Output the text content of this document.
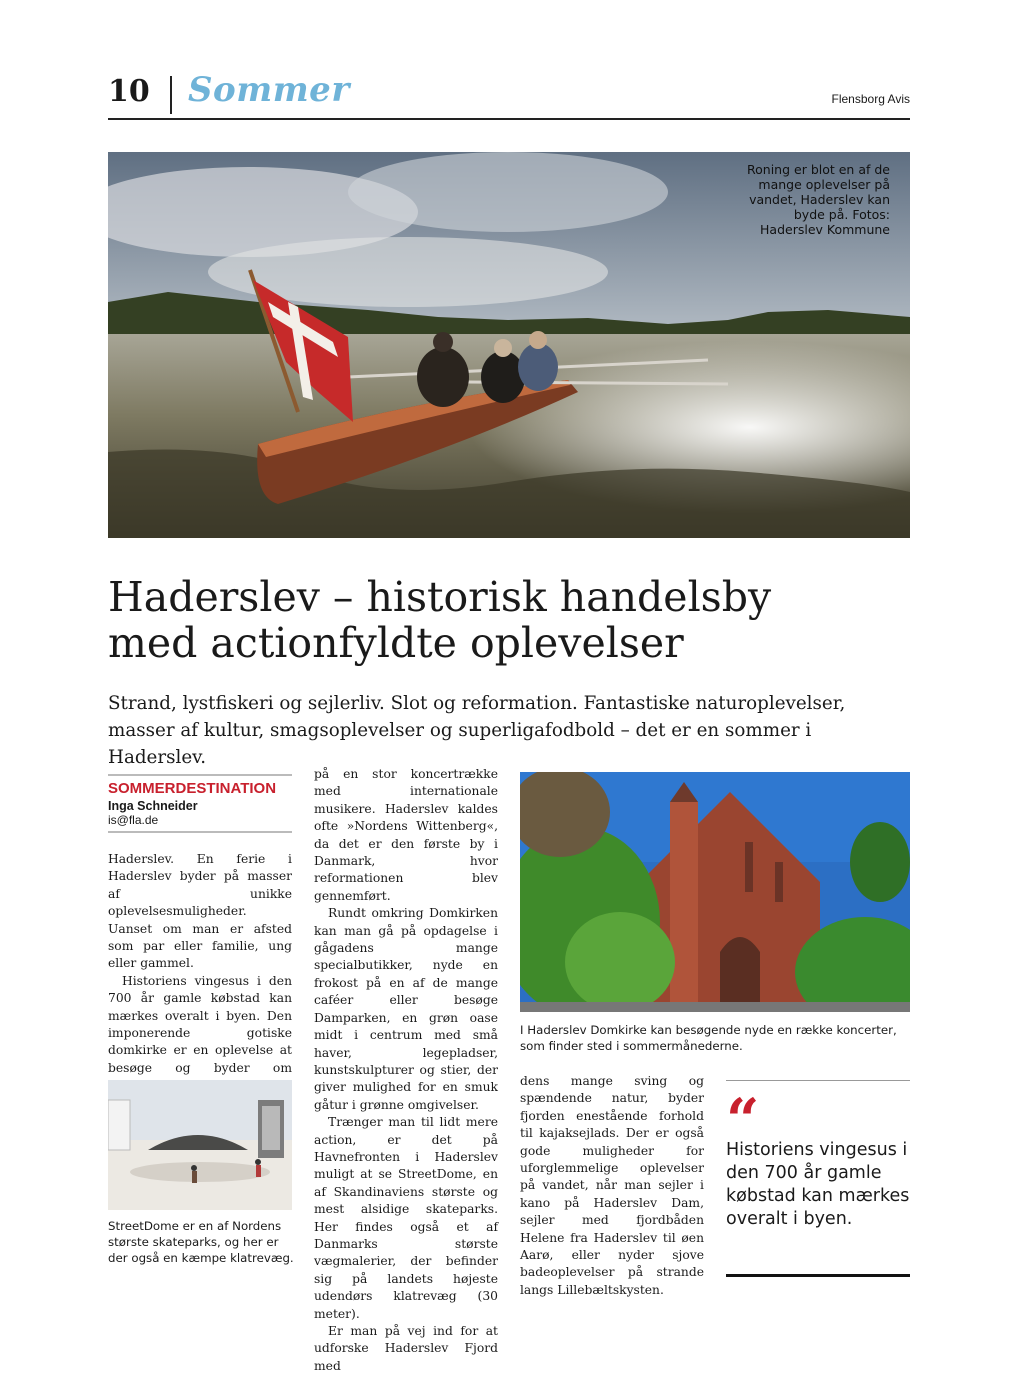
10 Sommer	Flensborg Avis
Roning er blot en af de mange oplevelser på vandet, Haderslev kan byde på. Fotos: Haderslev Kommune
Haderslev – historisk handelsby
med actionfyldte oplevelser

Strand, lystfiskeri og sejlerliv. Slot og reformation. Fantastiske naturoplevelser, masser af kultur, smagsoplevelser og superligafodbold – det er en sommer i Haderslev.

SOMMERDESTINATION
Inga Schneider
is@fla.de

Haderslev. En ferie i Haderslev byder på masser af unikke oplevelsesmuligheder. Uanset om man er afsted som par eller familie, ung eller gammel.

Historiens vingesus i den 700 år gamle købstad kan mærkes overalt i byen. Den imponerende gotiske domkirke er en oplevelse at besøge og byder om

StreetDome er en af Nordens største skateparks, og her er der også en kæmpe klatrevæg.

på en stor koncertrække med internationale musikere. Haderslev kaldes ofte »Nordens Wittenberg«, da det er den første by i Danmark, hvor reformationen blev gennemført.

Rundt omkring Domkirken kan man gå på opdagelse i gågadens mange specialbutikker, nyde en frokost på en af de mange caféer eller besøge Damparken, en grøn oase midt i centrum med små haver, legepladser, kunstskulpturer og stier, der giver mulighed for en smuk gåtur i grønne omgivelser.

Trænger man til lidt mere action, er det på Havnefronten i Haderslev muligt at se StreetDome, en af Skandinaviens største og mest alsidige skateparks. Her findes også et af Danmarks største vægmalerier, der befinder sig på landets højeste udendørs klatrevæg (30 meter).

Er man på vej ind for at udforske Haderslev Fjord med

I Haderslev Domkirke kan besøgende nyde en række koncerter, som finder sted i sommermånederne.

dens mange sving og spændende natur, byder fjorden enestående forhold til kajaksejlads. Der er også gode muligheder for uforglemmelige oplevelser på vandet, når man sejler i kano på Haderslev Dam, sejler med fjordbåden Helene fra Haderslev til øen Aarø, eller nyder sjove badeoplevelser på strande langs Lillebæltskysten.

“
Historiens vingesus i den 700 år gamle købstad kan mærkes overalt i byen.
